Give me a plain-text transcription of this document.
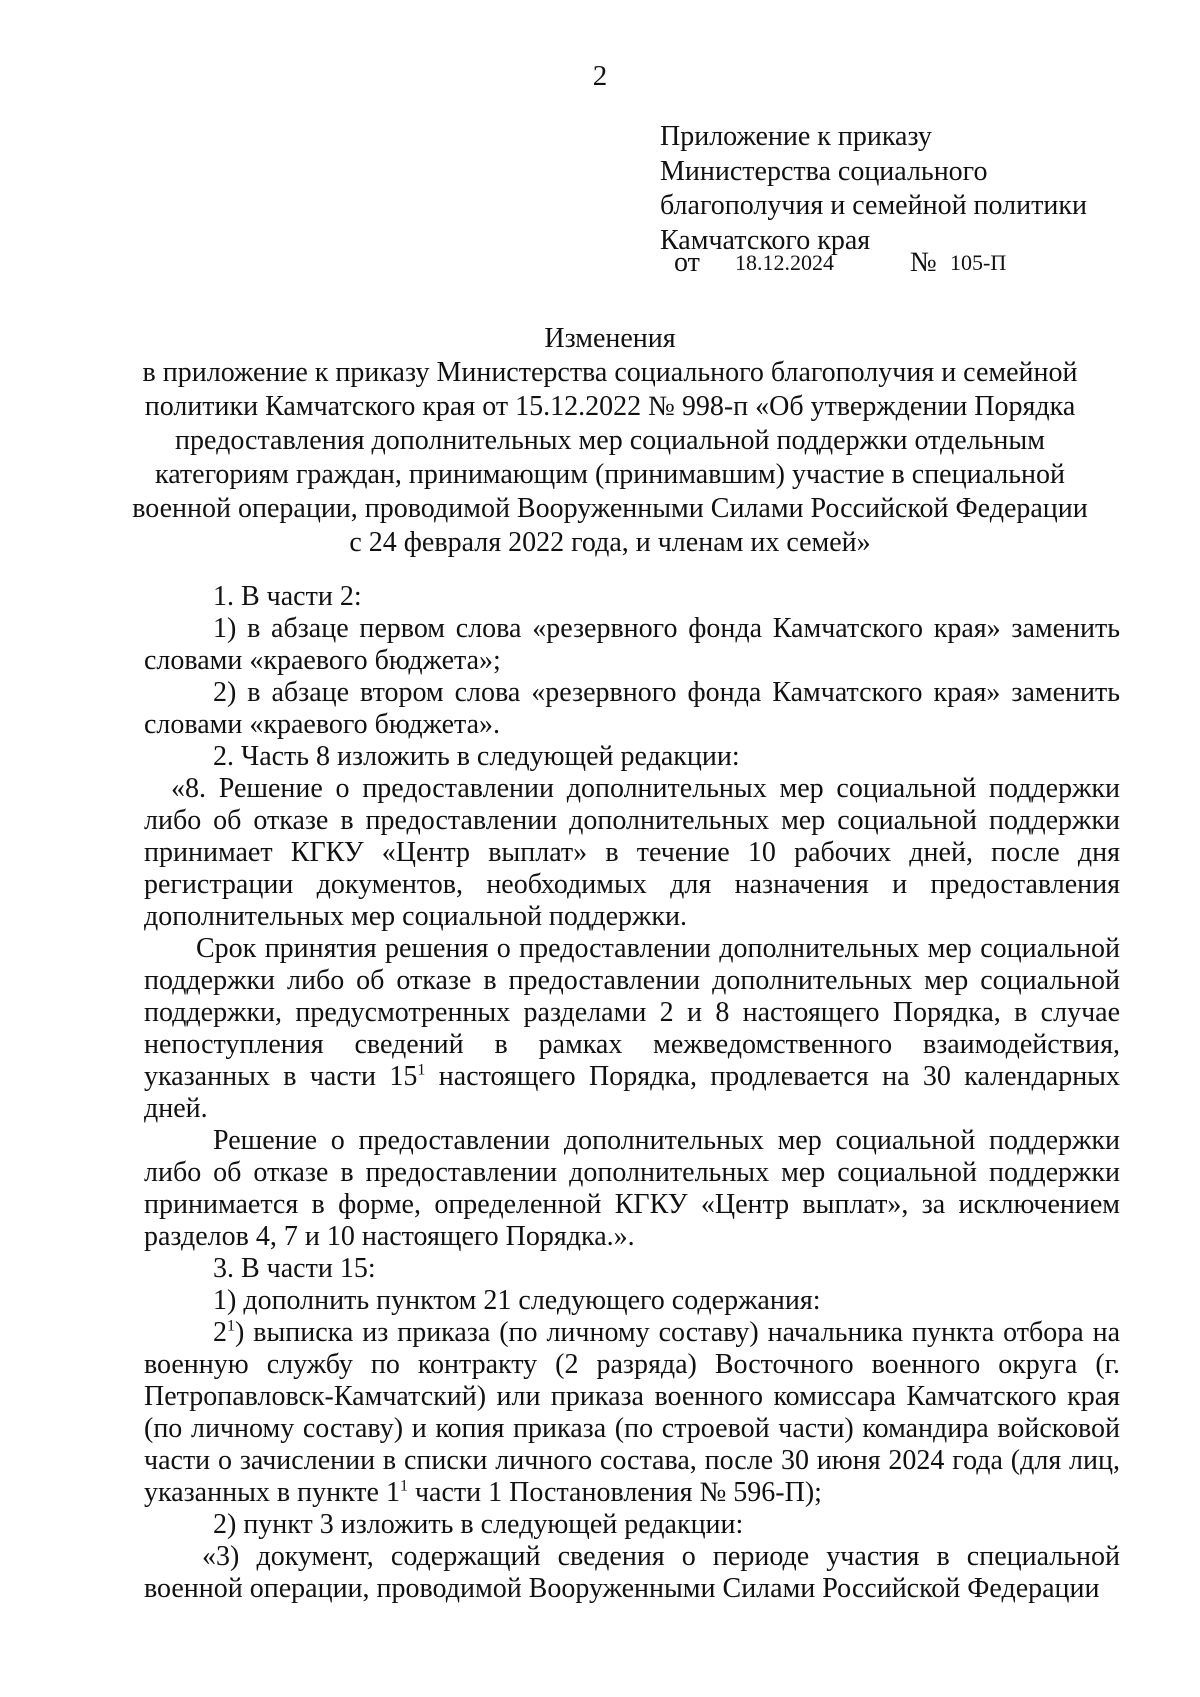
2
Приложение к приказу
Министерства социального
благополучия и семейной политики
Камчатского края
от 18.12.2024	№ 105-П

Изменения

в приложение к приказу Министерства социального благополучия и семейной

политики Камчатского края от 15.12.2022 № 998-п «Об утверждении Порядка

предоставления дополнительных мер социальной поддержки отдельным

категориям граждан, принимающим (принимавшим) участие в специальной

военной операции, проводимой Вооруженными Силами Российской Федерации

с 24 февраля 2022 года, и членам их семей»

1. В части 2:

1) в абзаце первом слова «резервного фонда Камчатского края» заменить словами «краевого бюджета»;

2) в абзаце втором слова «резервного фонда Камчатского края» заменить словами «краевого бюджета».

2. Часть 8 изложить в следующей редакции:

«8. Решение о предоставлении дополнительных мер социальной поддержки либо об отказе в предоставлении дополнительных мер социальной поддержки принимает КГКУ «Центр выплат» в течение 10 рабочих дней, после дня регистрации документов, необходимых для назначения и предоставления дополнительных мер социальной поддержки.

Срок принятия решения о предоставлении дополнительных мер социальной поддержки либо об отказе в предоставлении дополнительных мер социальной поддержки, предусмотренных разделами 2 и 8 настоящего Порядка, в случае непоступления сведений в рамках межведомственного взаимодействия, указанных в части $15^1$ настоящего Порядка, продлевается на 30 календарных дней.

Решение о предоставлении дополнительных мер социальной поддержки либо об отказе в предоставлении дополнительных мер социальной поддержки принимается в форме, определенной КГКУ «Центр выплат», за исключением разделов 4, 7 и 10 настоящего Порядка.».

3. В части 15:

1) дополнить пунктом 21 следующего содержания:

$2^1$) выписка из приказа (по личному составу) начальника пункта отбора на военную службу по контракту (2 разряда) Восточного военного округа (г. Петропавловск-Камчатский) или приказа военного комиссара Камчатского края (по личному составу) и копия приказа (по строевой части) командира войсковой части о зачислении в списки личного состава, после 30 июня 2024 года (для лиц, указанных в пункте $1^1$ части 1 Постановления № 596-П);

2) пункт 3 изложить в следующей редакции:

«3) документ, содержащий сведения о периоде участия в специальной военной операции, проводимой Вооруженными Силами Российской Федерации
